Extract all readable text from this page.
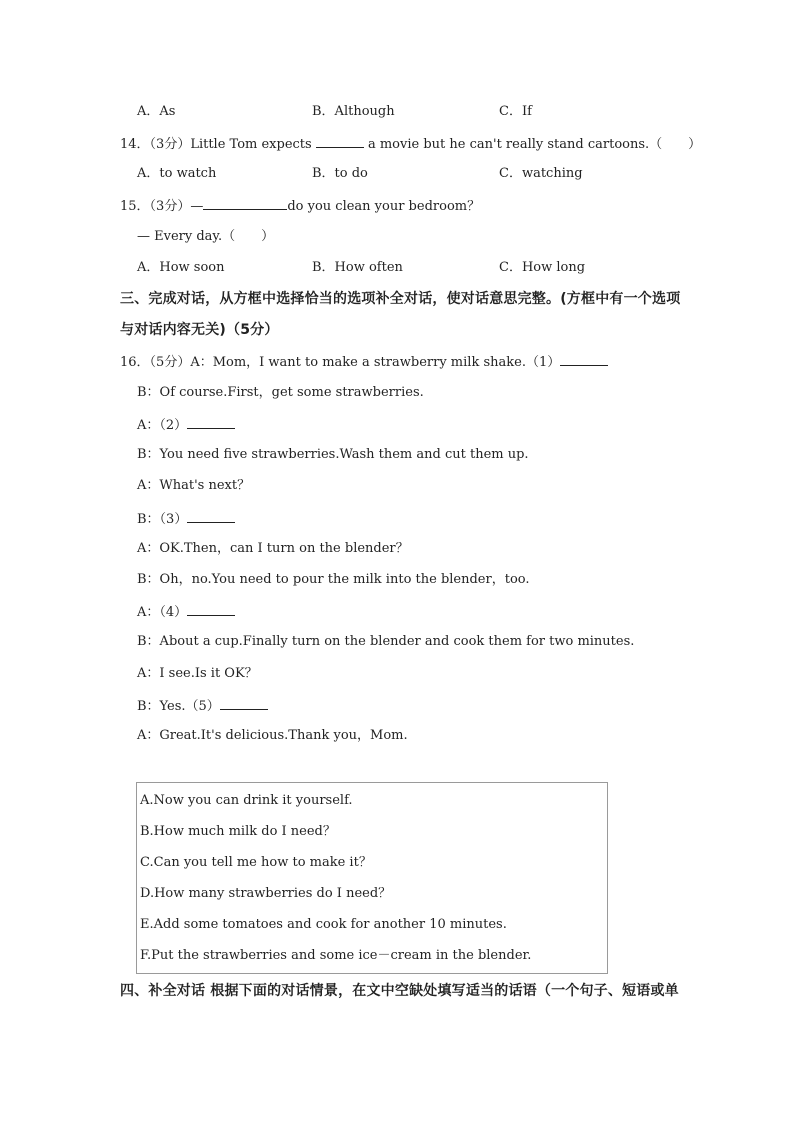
A．As	B．Although	C．If
14．（3分）Little Tom expects	a movie but he can't really stand cartoons.（　　）
A．to watch	B．to do	C．watching
15．（3分）—	do you clean your bedroom？
— Every day.（　　）
A．How soon	B．How often	C．How long
三、完成对话，从方框中选择恰当的选项补全对话，使对话意思完整。(方框中有一个选项
与对话内容无关)（5分）
16．（5分）A：Mom，I want to make a strawberry milk shake.（1）
B：Of course.First，get some strawberries.
A：（2）
B：You need five strawberries.Wash them and cut them up.
A：What's next？
B：（3）
A：OK.Then，can I turn on the blender？
B：Oh，no.You need to pour the milk into the blender，too.
A：（4）
B：About a cup.Finally turn on the blender and cook them for two minutes.
A：I see.Is it OK？
B：Yes.（5）
A：Great.It's delicious.Thank you，Mom.
A.Now you can drink it yourself.
B.How much milk do I need？
C.Can you tell me how to make it？
D.How many strawberries do I need？
E.Add some tomatoes and cook for another 10 minutes.
F.Put the strawberries and some ice－cream in the blender.
四、补全对话 根据下面的对话情景，在文中空缺处填写适当的话语（一个句子、短语或单
